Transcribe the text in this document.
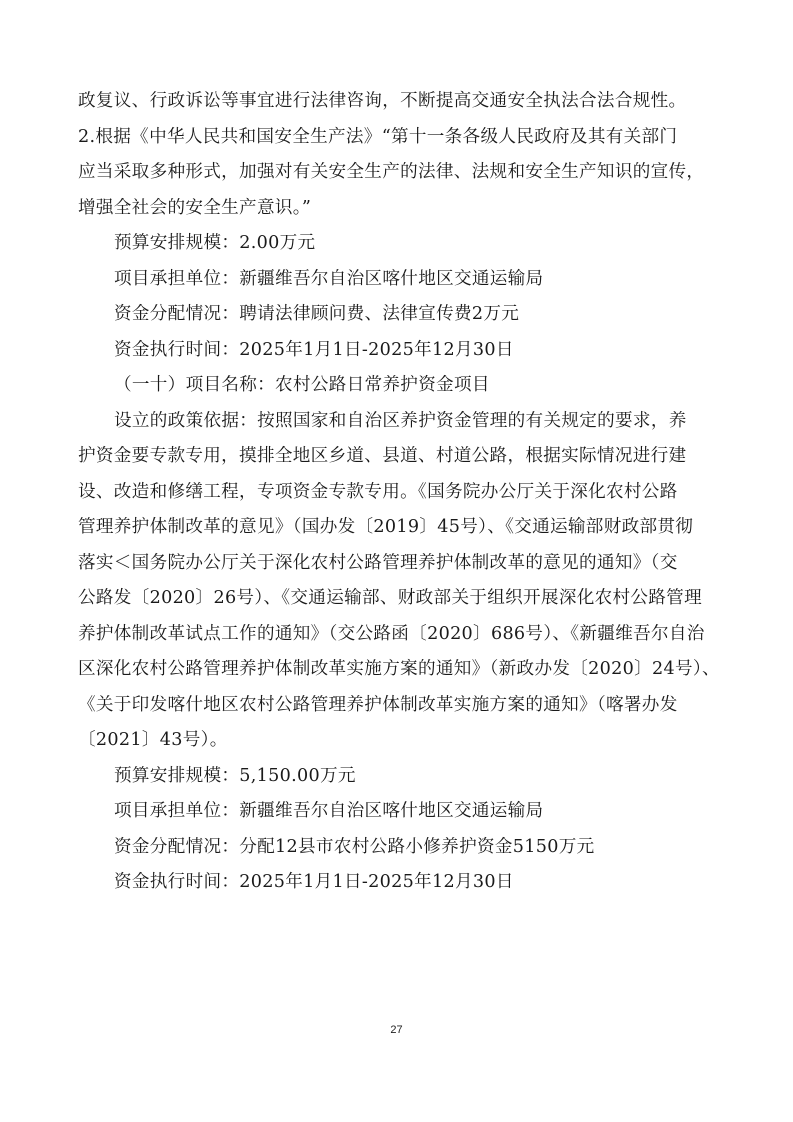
政复议、行政诉讼等事宜进行法律咨询，不断提高交通安全执法合法合规性。
2.根据《中华人民共和国安全生产法》“第十一条各级人民政府及其有关部门
应当采取多种形式，加强对有关安全生产的法律、法规和安全生产知识的宣传，
增强全社会的安全生产意识。”
预算安排规模：2.00万元
项目承担单位：新疆维吾尔自治区喀什地区交通运输局
资金分配情况：聘请法律顾问费、法律宣传费2万元
资金执行时间：2025年1月1日-2025年12月30日
（一十）项目名称：农村公路日常养护资金项目
设立的政策依据：按照国家和自治区养护资金管理的有关规定的要求，养
护资金要专款专用，摸排全地区乡道、县道、村道公路，根据实际情况进行建
设、改造和修缮工程，专项资金专款专用。《国务院办公厅关于深化农村公路
管理养护体制改革的意见》（国办发〔2019〕45号）、《交通运输部财政部贯彻
落实＜国务院办公厅关于深化农村公路管理养护体制改革的意见的通知》（交
公路发〔2020〕26号）、《交通运输部、财政部关于组织开展深化农村公路管理
养护体制改革试点工作的通知》（交公路函〔2020〕686号）、《新疆维吾尔自治
区深化农村公路管理养护体制改革实施方案的通知》（新政办发〔2020〕24号）、
《关于印发喀什地区农村公路管理养护体制改革实施方案的通知》（喀署办发
〔2021〕43号）。
预算安排规模：5,150.00万元
项目承担单位：新疆维吾尔自治区喀什地区交通运输局
资金分配情况：分配12县市农村公路小修养护资金5150万元
资金执行时间：2025年1月1日-2025年12月30日
27
